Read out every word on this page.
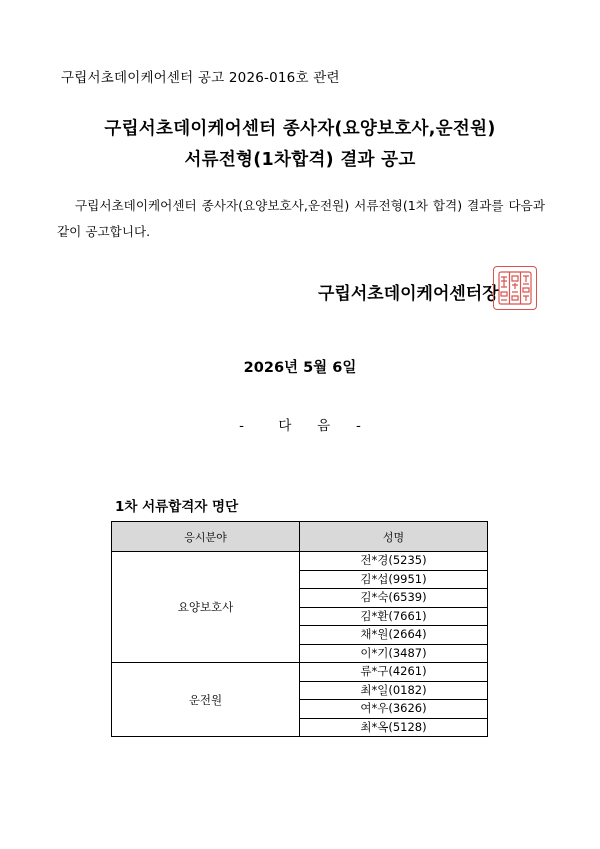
구립서초데이케어센터 공고 2026-016호 관련
구립서초데이케어센터 종사자(요양보호사,운전원)
서류전형(1차합격) 결과 공고
구립서초데이케어센터 종사자(요양보호사,운전원) 서류전형(1차 합격) 결과를 다음과 같이 공고합니다.
구립서초데이케어센터장
2026년 5월 6일
-        다      음      -
1차 서류합격자 명단
응시분야	성명
요양보호사	전*경(5235)
	김*섭(9951)
	김*숙(6539)
	김*환(7661)
	채*원(2664)
	이*기(3487)
운전원	류*구(4261)
	최*일(0182)
	여*우(3626)
	최*옥(5128)
